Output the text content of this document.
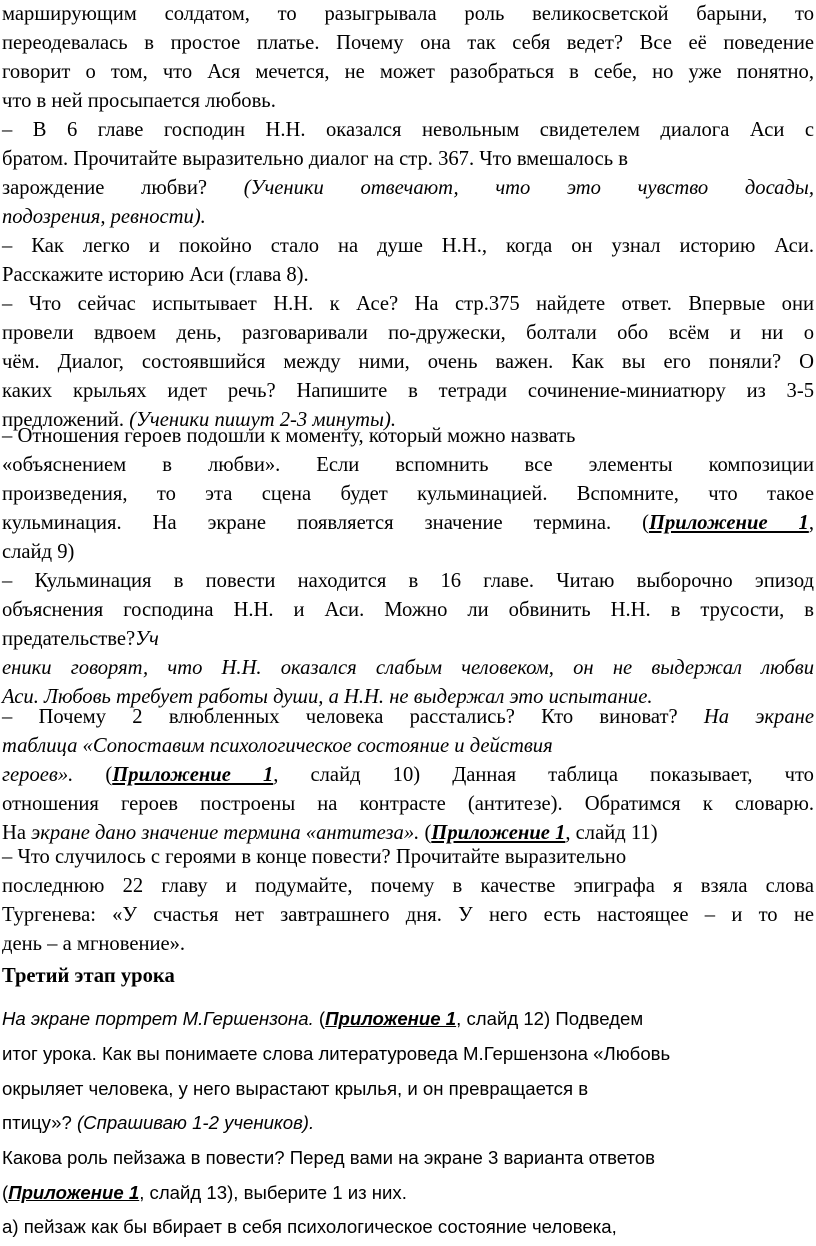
марширующим солдатом, то разыгрывала роль великосветской барыни, то
переодевалась в простое платье. Почему она так себя ведет? Все её поведение
говорит о том, что Ася мечется, не может разобраться в себе, но уже понятно,
что в ней просыпается любовь.
– В 6 главе господин Н.Н. оказался невольным свидетелем диалога Аси с
братом. Прочитайте выразительно диалог на стр. 367. Что вмешалось в
зарождение любви? (Ученики отвечают, что это чувство досады,
подозрения, ревности).
– Как легко и покойно стало на душе Н.Н., когда он узнал историю Аси.
Расскажите историю Аси (глава 8).
– Что сейчас испытывает Н.Н. к Асе? На стр.375 найдете ответ. Впервые они
провели вдвоем день, разговаривали по-дружески, болтали обо всём и ни о
чём. Диалог, состоявшийся между ними, очень важен. Как вы его поняли? О
каких крыльях идет речь? Напишите в тетради сочинение-миниатюру из 3-5
предложений. (Ученики пишут 2-3 минуты).
– Отношения героев подошли к моменту, который можно назвать
«объяснением в любви». Если вспомнить все элементы композиции
произведения, то эта сцена будет кульминацией. Вспомните, что такое
кульминация. На экране появляется значение термина. (Приложение 1,
слайд 9)
– Кульминация в повести находится в 16 главе. Читаю выборочно эпизод
объяснения господина Н.Н. и Аси. Можно ли обвинить Н.Н. в трусости, в
предательстве?Уч
еники говорят, что Н.Н. оказался слабым человеком, он не выдержал любви
Аси. Любовь требует работы души, а Н.Н. не выдержал это испытание.
– Почему 2 влюбленных человека расстались? Кто виноват? На экране
таблица «Сопоставим психологическое состояние и действия
героев». (Приложение 1, слайд 10) Данная таблица показывает, что
отношения героев построены на контрасте (антитезе). Обратимся к словарю.
На экране дано значение термина «антитеза». (Приложение 1, слайд 11)
– Что случилось с героями в конце повести? Прочитайте выразительно
последнюю 22 главу и подумайте, почему в качестве эпиграфа я взяла слова
Тургенева: «У счастья нет завтрашнего дня. У него есть настоящее – и то не
день – а мгновение».
Третий этап урока
На экране портрет М.Гершензона. (Приложение 1, слайд 12) Подведем
итог урока. Как вы понимаете слова литературоведа М.Гершензона «Любовь
окрыляет человека, у него вырастают крылья, и он превращается в
птицу»? (Спрашиваю 1-2 учеников).
Какова роль пейзажа в повести? Перед вами на экране 3 варианта ответов
(Приложение 1, слайд 13), выберите 1 из них.
а) пейзаж как бы вбирает в себя психологическое состояние человека,
